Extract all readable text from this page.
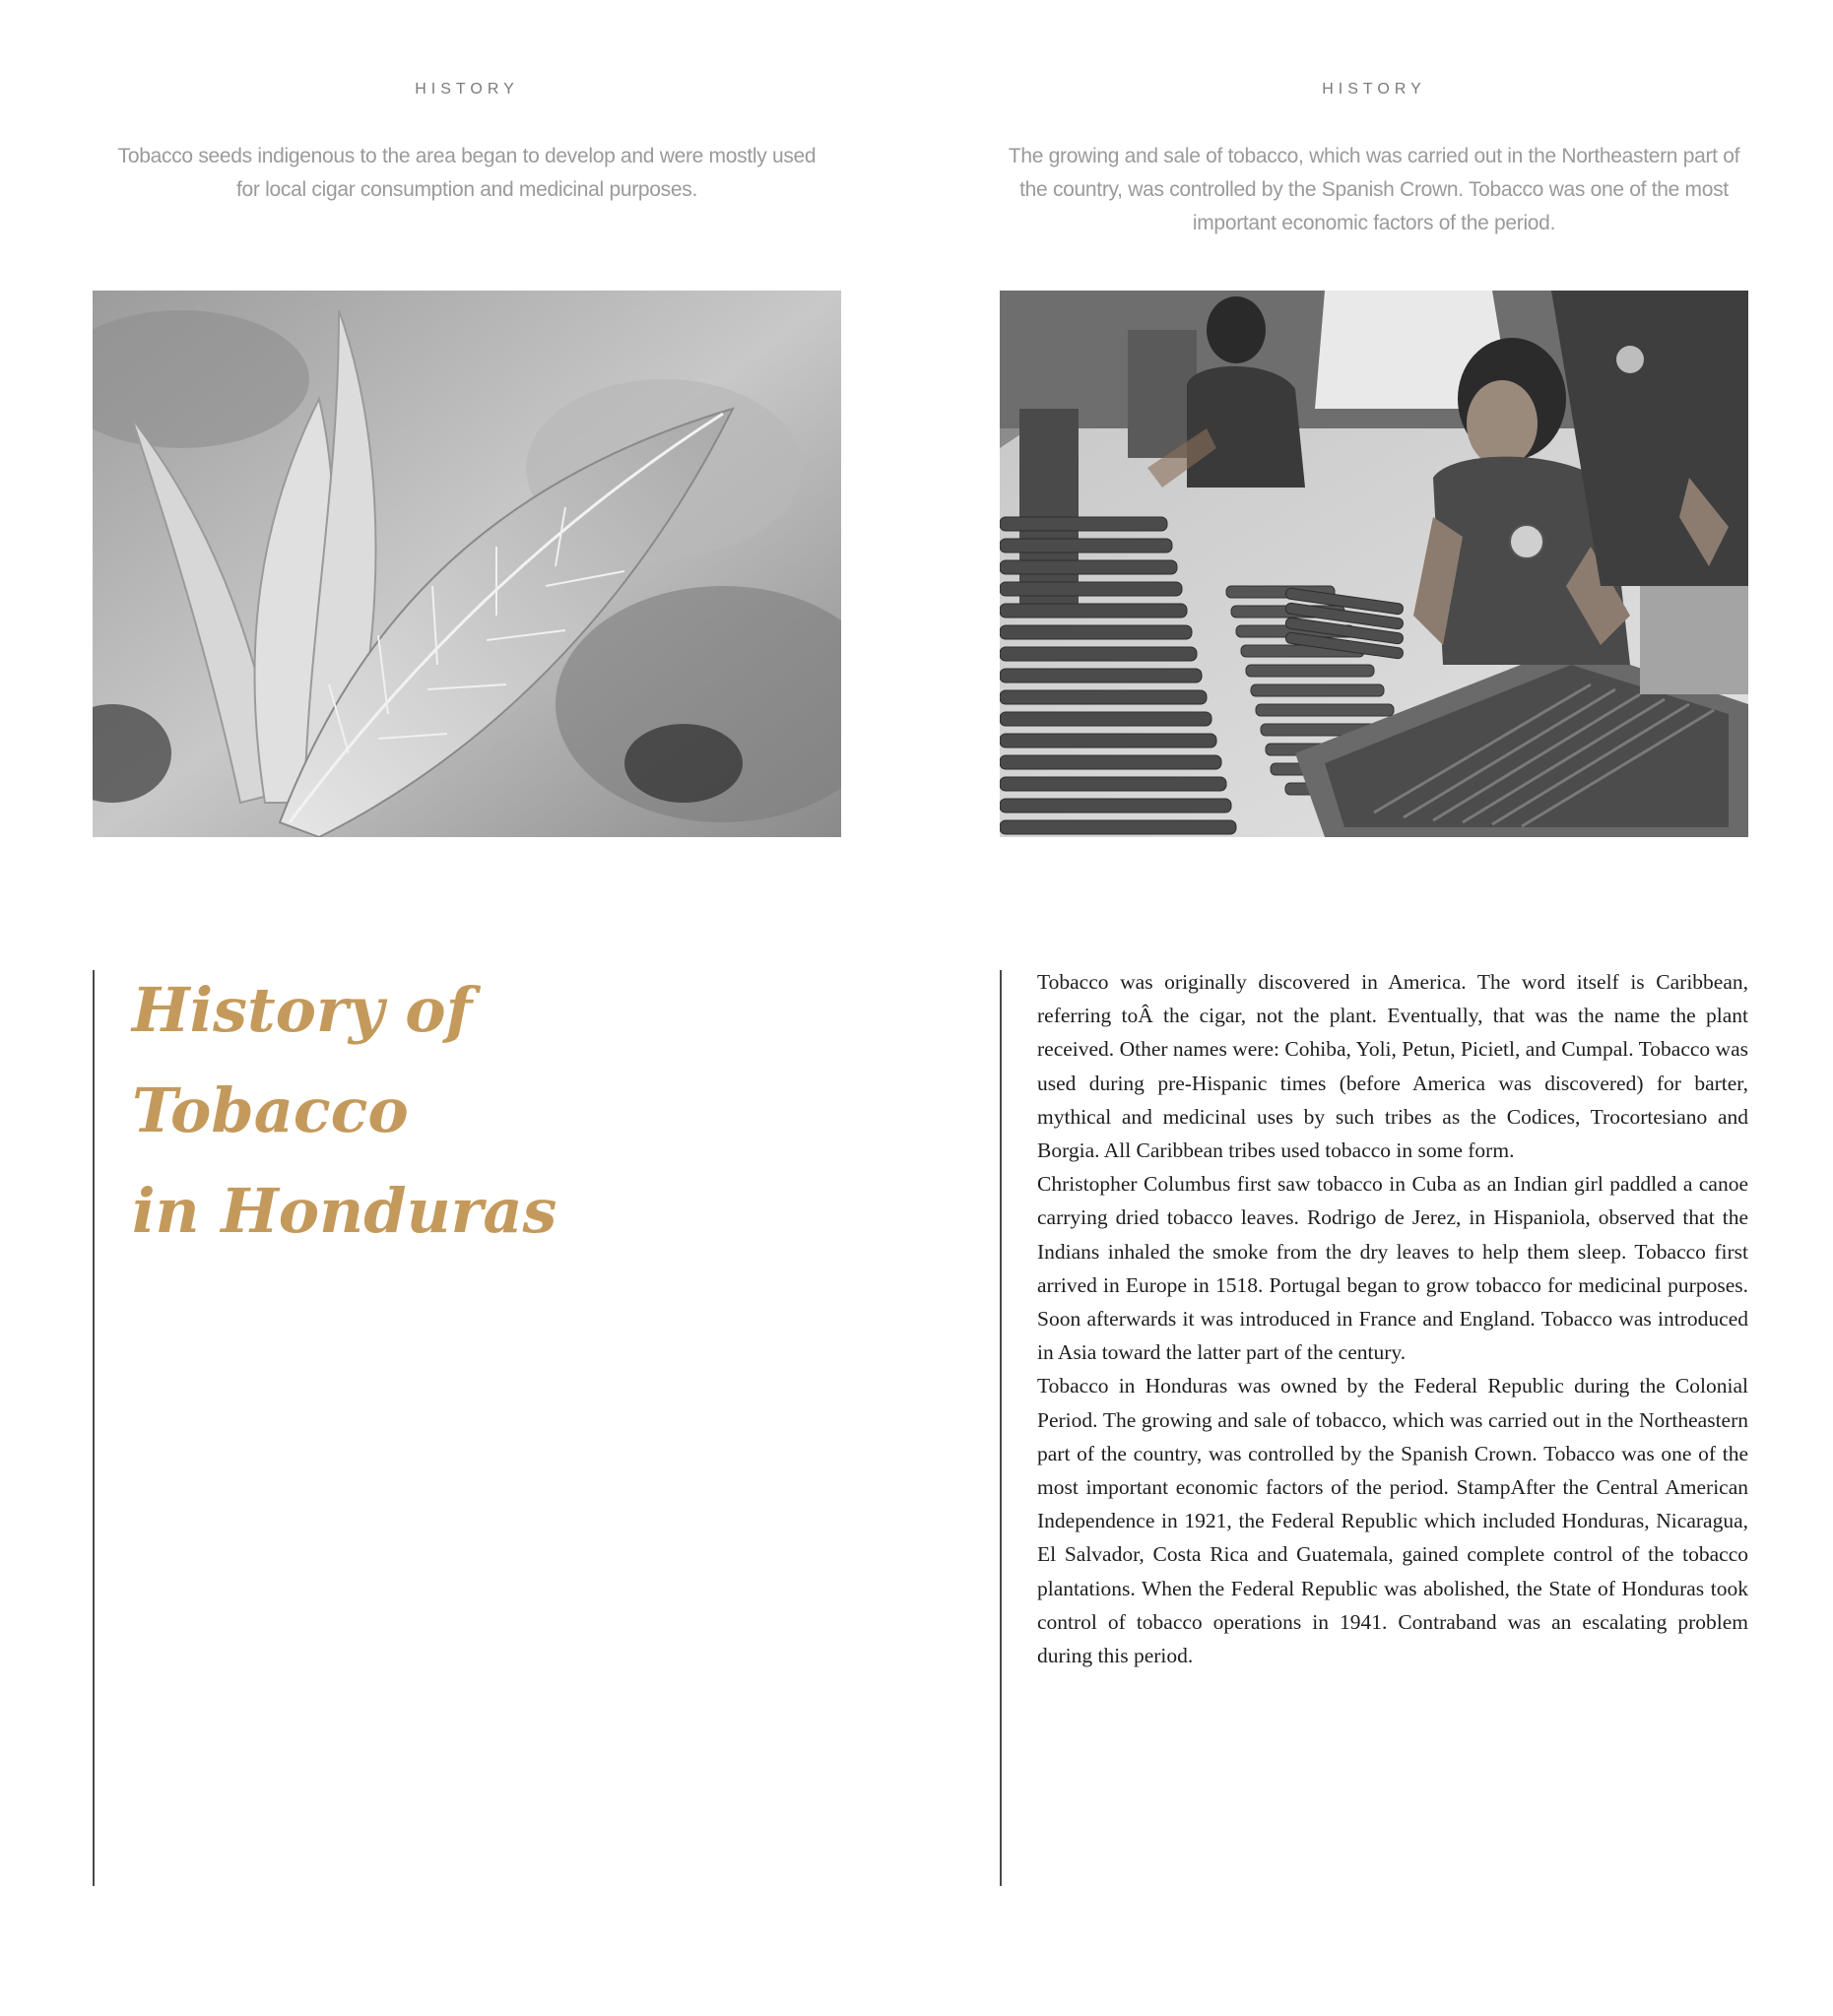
HISTORY
Tobacco seeds indigenous to the area began to develop and were mostly used for local cigar consumption and medicinal purposes.
History of
Tobacco
in Honduras
HISTORY
The growing and sale of tobacco, which was carried out in the Northeastern part of the country, was controlled by the Spanish Crown. Tobacco was one of the most important economic factors of the period.

Tobacco was originally discovered in America. The word itself is Caribbean, referring toÂ the cigar, not the plant. Eventually, that was the name the plant received. Other names were: Cohiba, Yoli, Petun, Picietl, and Cumpal. Tobacco was used during pre-Hispanic times (before America was discovered) for barter, mythical and medicinal uses by such tribes as the Codices, Trocortesiano and Borgia. All Caribbean tribes used tobacco in some form.

Christopher Columbus first saw tobacco in Cuba as an Indian girl paddled a canoe carrying dried tobacco leaves. Rodrigo de Jerez, in Hispaniola, observed that the Indians inhaled the smoke from the dry leaves to help them sleep. Tobacco first arrived in Europe in 1518. Portugal began to grow tobacco for medicinal purposes. Soon afterwards it was introduced in France and England. Tobacco was introduced in Asia toward the latter part of the century.

Tobacco in Honduras was owned by the Federal Republic during the Colonial Period. The growing and sale of tobacco, which was carried out in the Northeastern part of the country, was controlled by the Spanish Crown. Tobacco was one of the most important economic factors of the period. StampAfter the Central American Independence in 1921, the Federal Republic which included Honduras, Nicaragua, El Salvador, Costa Rica and Guatemala, gained complete control of the tobacco plantations. When the Federal Republic was abolished, the State of Honduras took control of tobacco operations in 1941. Contraband was an escalating problem during this period.
